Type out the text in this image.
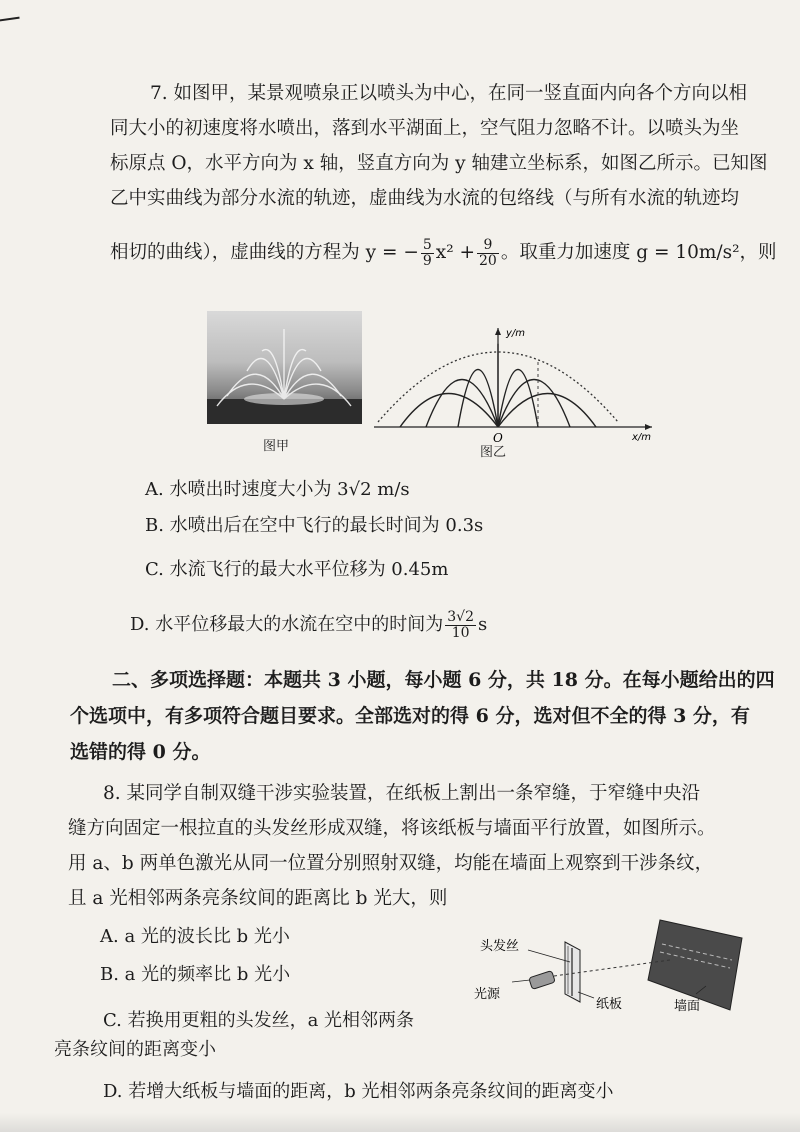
7. 如图甲，某景观喷泉正以喷头为中心，在同一竖直面内向各个方向以相
同大小的初速度将水喷出，落到水平湖面上，空气阻力忽略不计。以喷头为坐
标原点 O，水平方向为 x 轴，竖直方向为 y 轴建立坐标系，如图乙所示。已知图
乙中实曲线为部分水流的轨迹，虚曲线为水流的包络线（与所有水流的轨迹均
相切的曲线），虚曲线的方程为 y = − $\frac{5}{9} x^2 + \frac{9}{20}$ 。取重力加速度 g = 10m/s²，则
图甲
y/m
x/m
O
图乙
A. 水喷出时速度大小为 3√2 m/s
B. 水喷出后在空中飞行的最长时间为 0.3s
C. 水流飞行的最大水平位移为 0.45m
D. 水平位移最大的水流在空中的时间为 $\frac{3√2}{10}$ s
二、多项选择题：本题共 3 小题，每小题 6 分，共 18 分。在每小题给出的四
个选项中，有多项符合题目要求。全部选对的得 6 分，选对但不全的得 3 分，有
选错的得 0 分。
8. 某同学自制双缝干涉实验装置，在纸板上割出一条窄缝，于窄缝中央沿
缝方向固定一根拉直的头发丝形成双缝，将该纸板与墙面平行放置，如图所示。
用 a、b 两单色激光从同一位置分别照射双缝，均能在墙面上观察到干涉条纹，
且 a 光相邻两条亮条纹间的距离比 b 光大，则
A. a 光的波长比 b 光小
B. a 光的频率比 b 光小
C. 若换用更粗的头发丝，a 光相邻两条
亮条纹间的距离变小
D. 若增大纸板与墙面的距离，b 光相邻两条亮条纹间的距离变小
头发丝
光源
纸板	墙面
